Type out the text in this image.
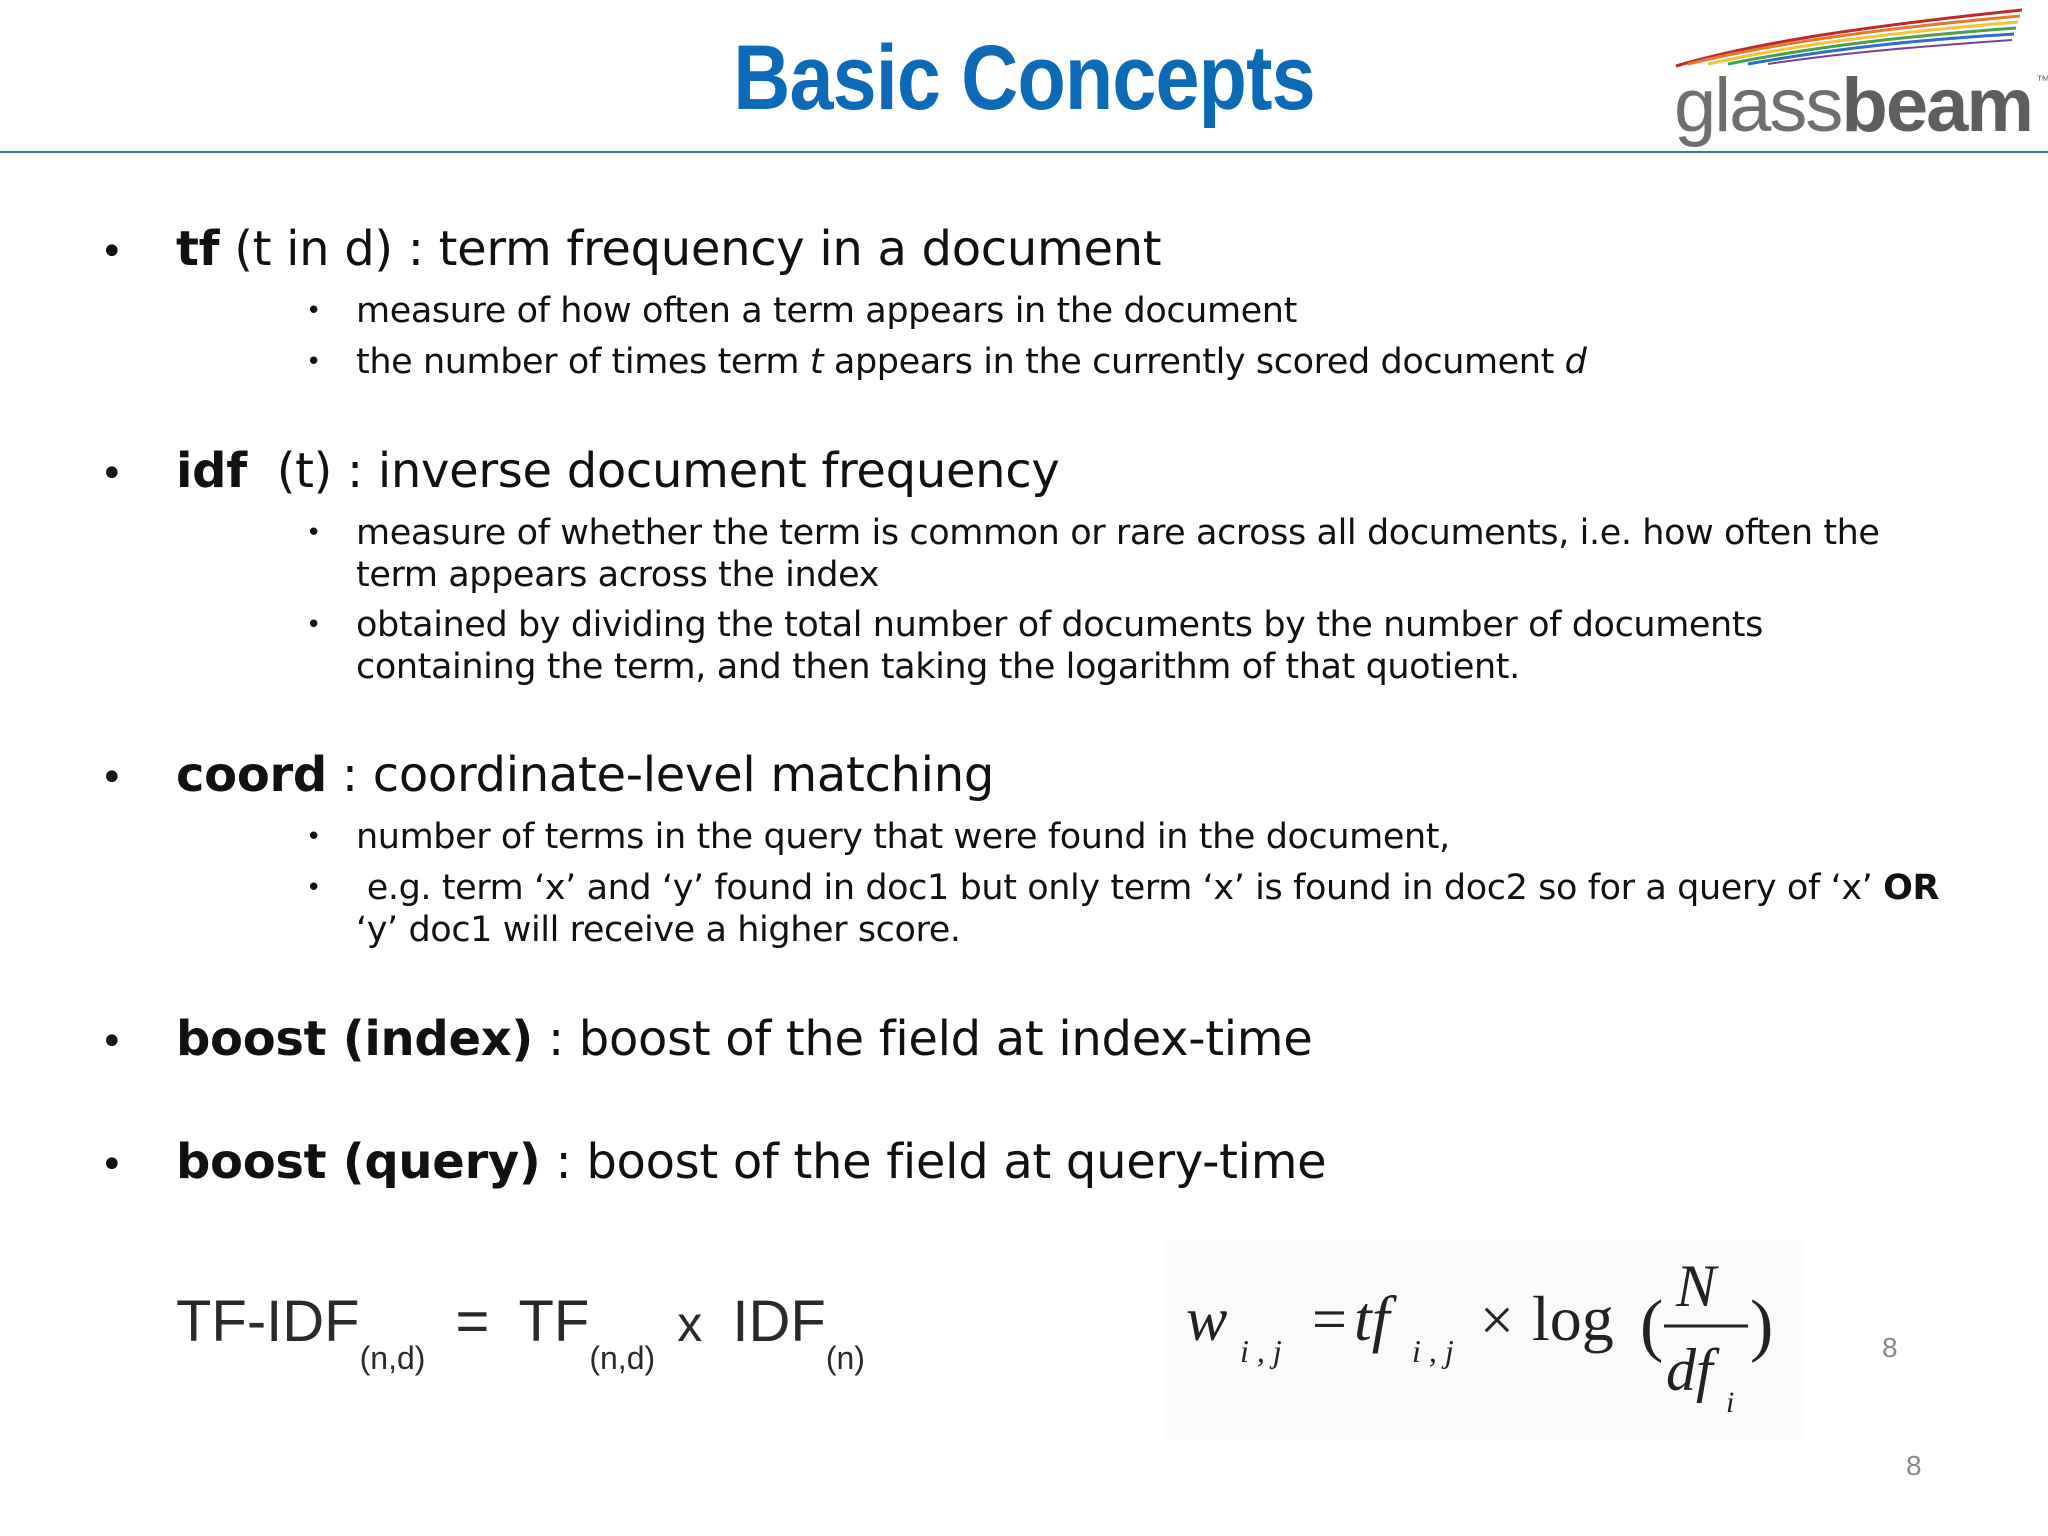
Basic Concepts	glassbeam ™
• tf (t in d) : term frequency in a document
• measure of how often a term appears in the document
• the number of times term t appears in the currently scored document d
• idf  (t) : inverse document frequency
• measure of whether the term is common or rare across all documents, i.e. how often the
term appears across the index
• obtained by dividing the total number of documents by the number of documents
containing the term, and then taking the logarithm of that quotient.
• coord : coordinate-level matching
• number of terms in the query that were found in the document,
• e.g. term ‘x’ and ‘y’ found in doc1 but only term ‘x’ is found in doc2 so for a query of ‘x’ OR
‘y’ doc1 will receive a higher score.
• boost (index) : boost of the field at index-time
• boost (query) : boost of the field at query-time
$TF-IDF_{(n,d)} = TF_{(n,d)}$ x $IDF_{(n)}$
w i , j = tf i , j × log (
N
df i
)	8
8
